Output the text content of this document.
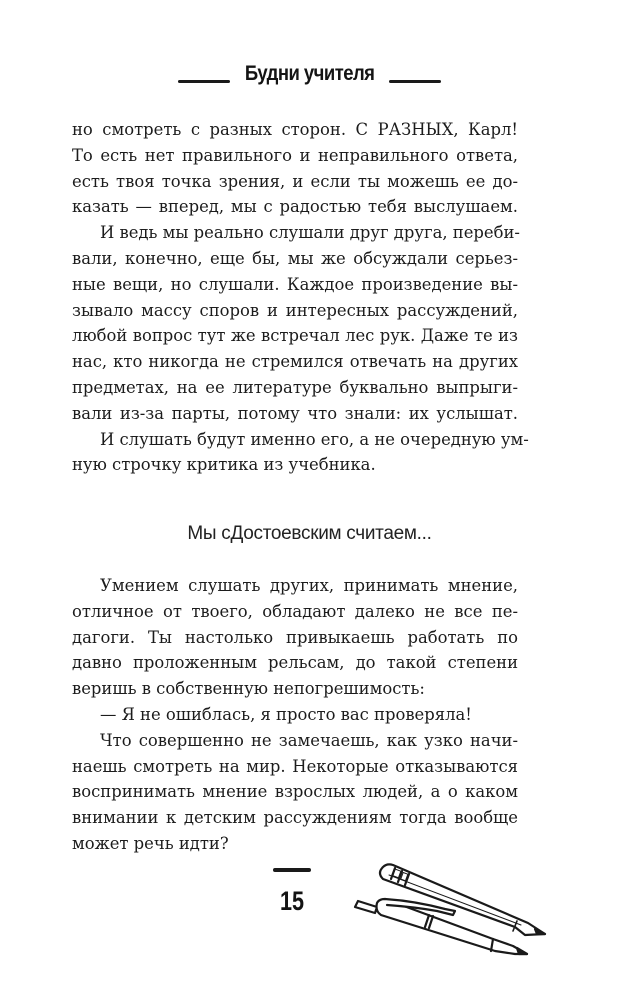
Будни учителя
но смотреть с разных сторон. С РАЗНЫХ, Карл!
То есть нет правильного и неправильного ответа,
есть твоя точка зрения, и если ты можешь ее до-
казать — вперед, мы с радостью тебя выслушаем.
И ведь мы реально слушали друг друга, переби-
вали, конечно, еще бы, мы же обсуждали серьез-
ные вещи, но слушали. Каждое произведение вы-
зывало массу споров и интересных рассуждений,
любой вопрос тут же встречал лес рук. Даже те из
нас, кто никогда не стремился отвечать на других
предметах, на ее литературе буквально выпрыги-
вали из-за парты, потому что знали: их услышат.
И слушать будут именно его, а не очередную ум-
ную строчку критика из учебника.
Мы сДостоевским считаем...
Умением слушать других, принимать мнение,
отличное от твоего, обладают далеко не все пе-
дагоги. Ты настолько привыкаешь работать по
давно проложенным рельсам, до такой степени
веришь в собственную непогрешимость:
— Я не ошиблась, я просто вас проверяла!
Что совершенно не замечаешь, как узко начи-
наешь смотреть на мир. Некоторые отказываются
воспринимать мнение взрослых людей, а о каком
внимании к детским рассуждениям тогда вообще
может речь идти?
15
